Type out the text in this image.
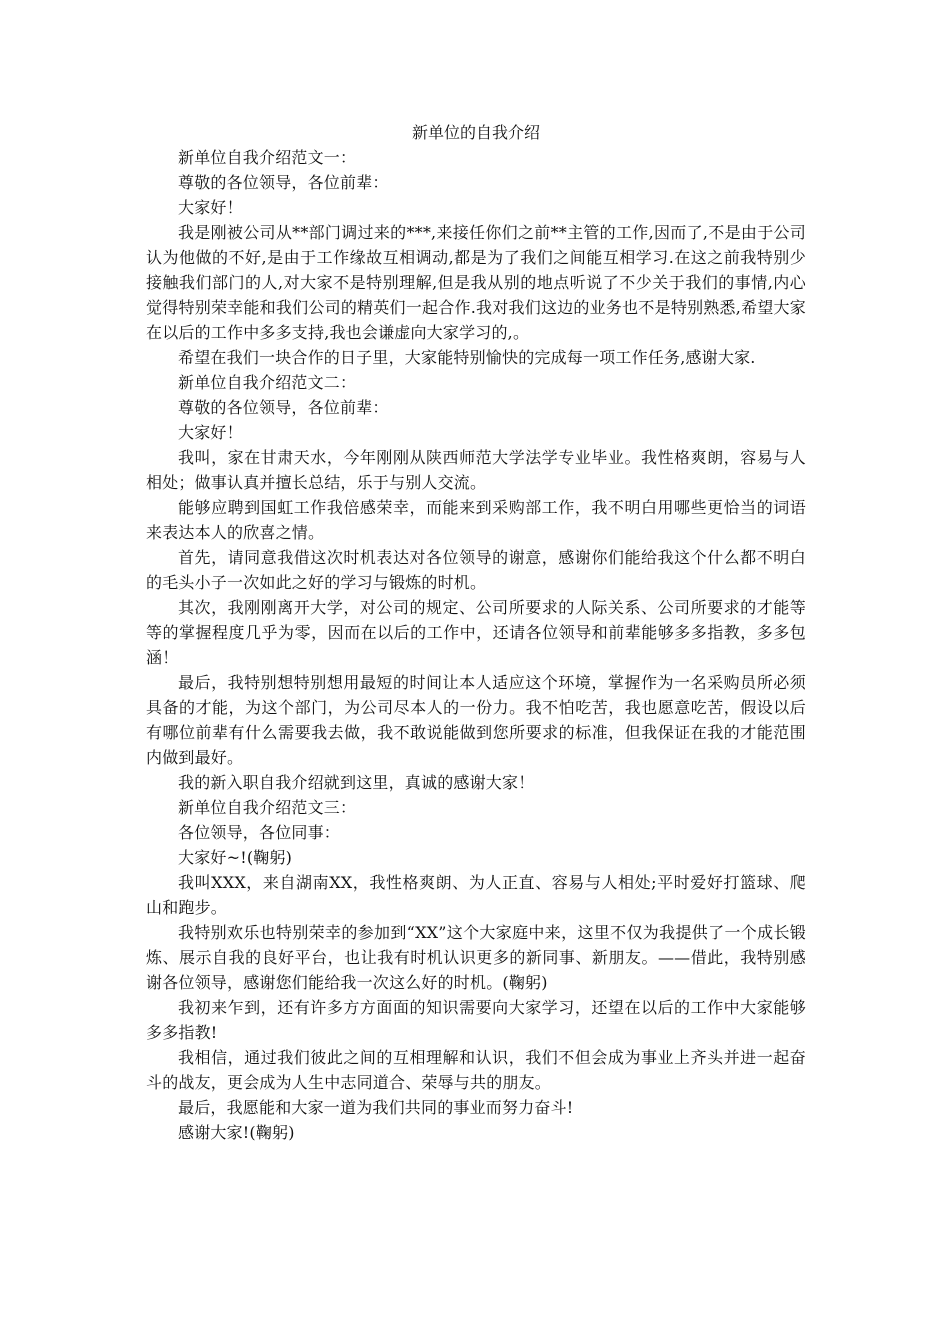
新单位的自我介绍

新单位自我介绍范文一：

尊敬的各位领导，各位前辈：

大家好！

我是刚被公司从**部门调过来的***,来接任你们之前**主管的工作,因而了,不是由于公司认为他做的不好,是由于工作缘故互相调动,都是为了我们之间能互相学习.在这之前我特别少接触我们部门的人,对大家不是特别理解,但是我从别的地点听说了不少关于我们的事情,内心觉得特别荣幸能和我们公司的精英们一起合作.我对我们这边的业务也不是特别熟悉,希望大家在以后的工作中多多支持,我也会谦虚向大家学习的,。

希望在我们一块合作的日子里，大家能特别愉快的完成每一项工作任务,感谢大家.

新单位自我介绍范文二：

尊敬的各位领导，各位前辈：

大家好！

我叫，家在甘肃天水，今年刚刚从陕西师范大学法学专业毕业。我性格爽朗，容易与人相处；做事认真并擅长总结，乐于与别人交流。

能够应聘到国虹工作我倍感荣幸，而能来到采购部工作，我不明白用哪些更恰当的词语来表达本人的欣喜之情。

首先，请同意我借这次时机表达对各位领导的谢意，感谢你们能给我这个什么都不明白的毛头小子一次如此之好的学习与锻炼的时机。

其次，我刚刚离开大学，对公司的规定、公司所要求的人际关系、公司所要求的才能等等的掌握程度几乎为零，因而在以后的工作中，还请各位领导和前辈能够多多指教，多多包涵！

最后，我特别想特别想用最短的时间让本人适应这个环境，掌握作为一名采购员所必须具备的才能，为这个部门，为公司尽本人的一份力。我不怕吃苦，我也愿意吃苦，假设以后有哪位前辈有什么需要我去做，我不敢说能做到您所要求的标准，但我保证在我的才能范围内做到最好。

我的新入职自我介绍就到这里，真诚的感谢大家！

新单位自我介绍范文三：

各位领导，各位同事：

大家好~!(鞠躬)

我叫XXX，来自湖南XX，我性格爽朗、为人正直、容易与人相处;平时爱好打篮球、爬山和跑步。

我特别欢乐也特别荣幸的参加到“XX”这个大家庭中来，这里不仅为我提供了一个成长锻炼、展示自我的良好平台，也让我有时机认识更多的新同事、新朋友。——借此，我特别感谢各位领导，感谢您们能给我一次这么好的时机。(鞠躬)

我初来乍到，还有许多方方面面的知识需要向大家学习，还望在以后的工作中大家能够多多指教!

我相信，通过我们彼此之间的互相理解和认识，我们不但会成为事业上齐头并进一起奋斗的战友，更会成为人生中志同道合、荣辱与共的朋友。

最后，我愿能和大家一道为我们共同的事业而努力奋斗!

感谢大家!(鞠躬)
